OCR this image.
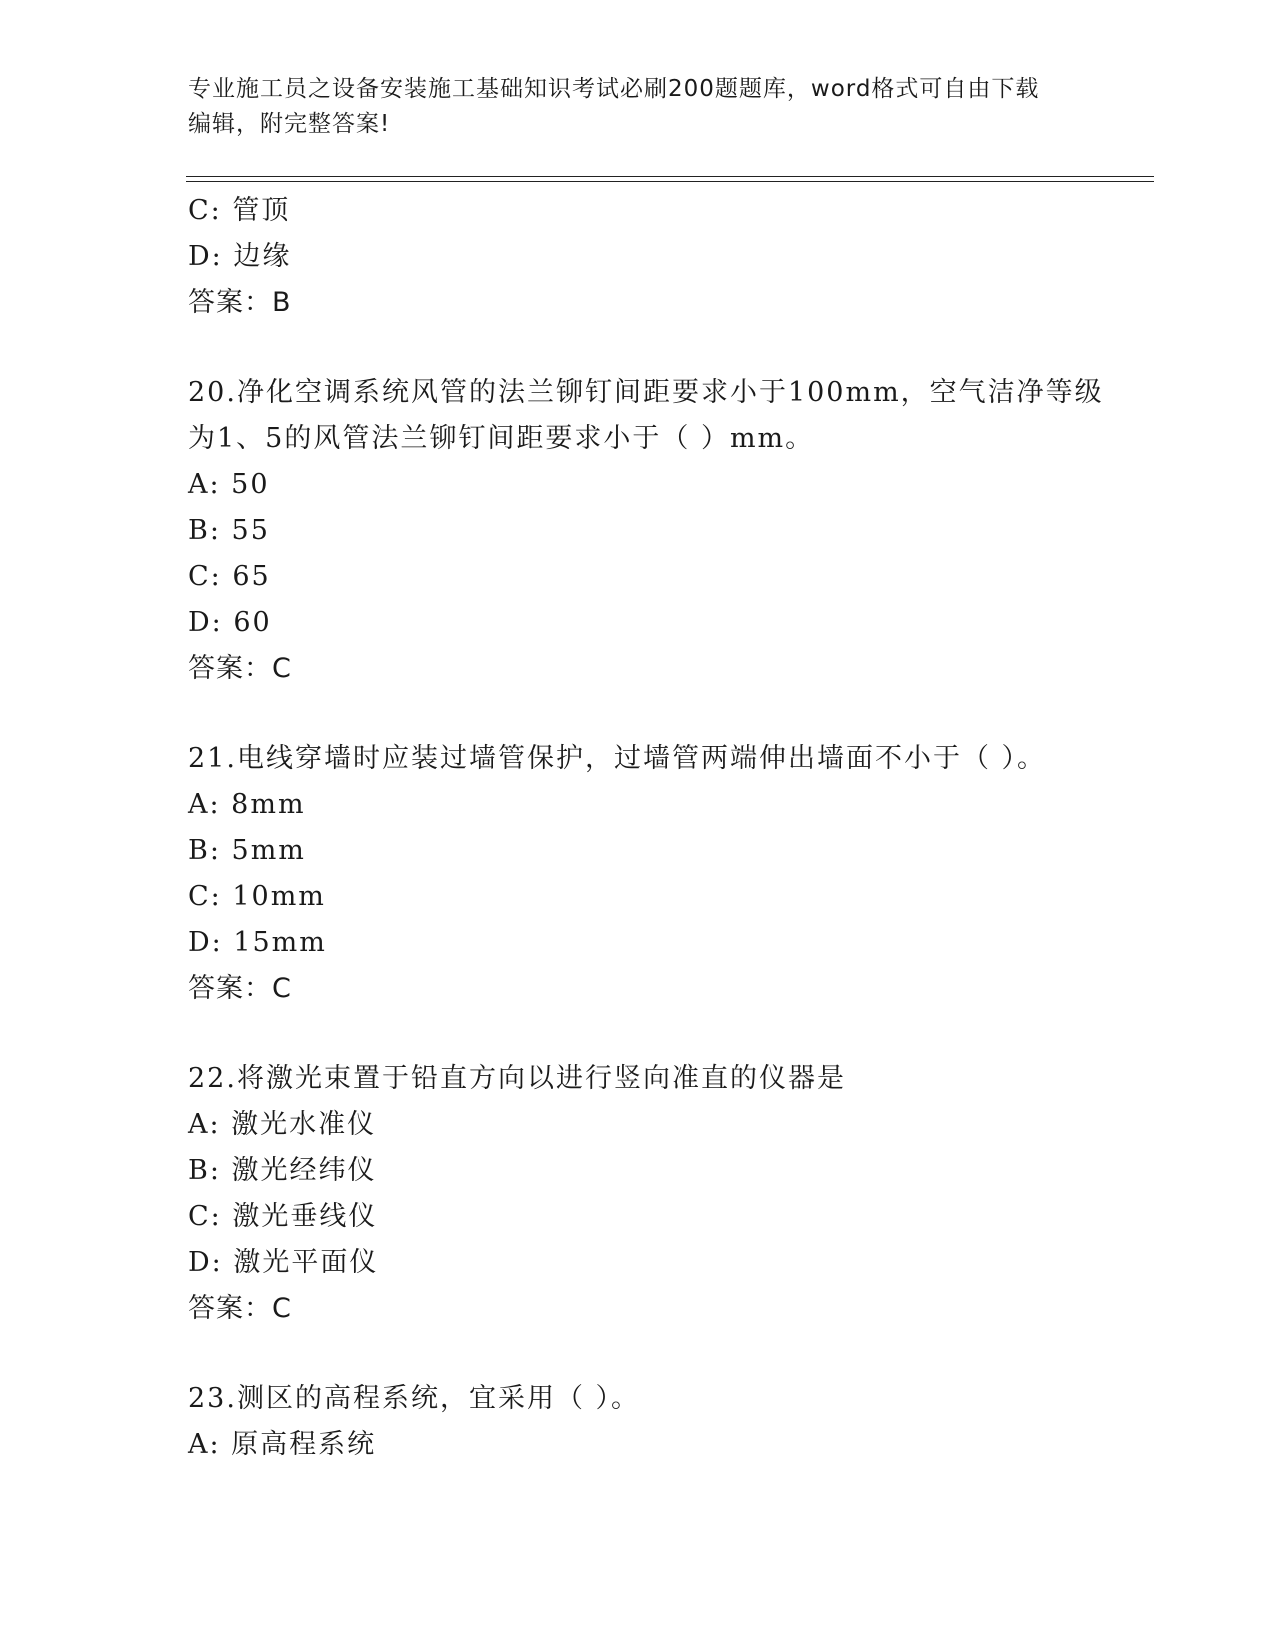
专业施工员之设备安装施工基础知识考试必刷200题题库，word格式可自由下载
编辑，附完整答案!
C: 管顶
D: 边缘
答案：B
20.净化空调系统风管的法兰铆钉间距要求小于100mm，空气洁净等级
为1、5的风管法兰铆钉间距要求小于（ ）mm。
A: 50
B: 55
C: 65
D: 60
答案：C
21.电线穿墙时应装过墙管保护，过墙管两端伸出墙面不小于（ ）。
A: 8mm
B: 5mm
C: 10mm
D: 15mm
答案：C
22.将激光束置于铅直方向以进行竖向准直的仪器是
A: 激光水准仪
B: 激光经纬仪
C: 激光垂线仪
D: 激光平面仪
答案：C
23.测区的高程系统，宜采用（ ）。
A: 原高程系统
